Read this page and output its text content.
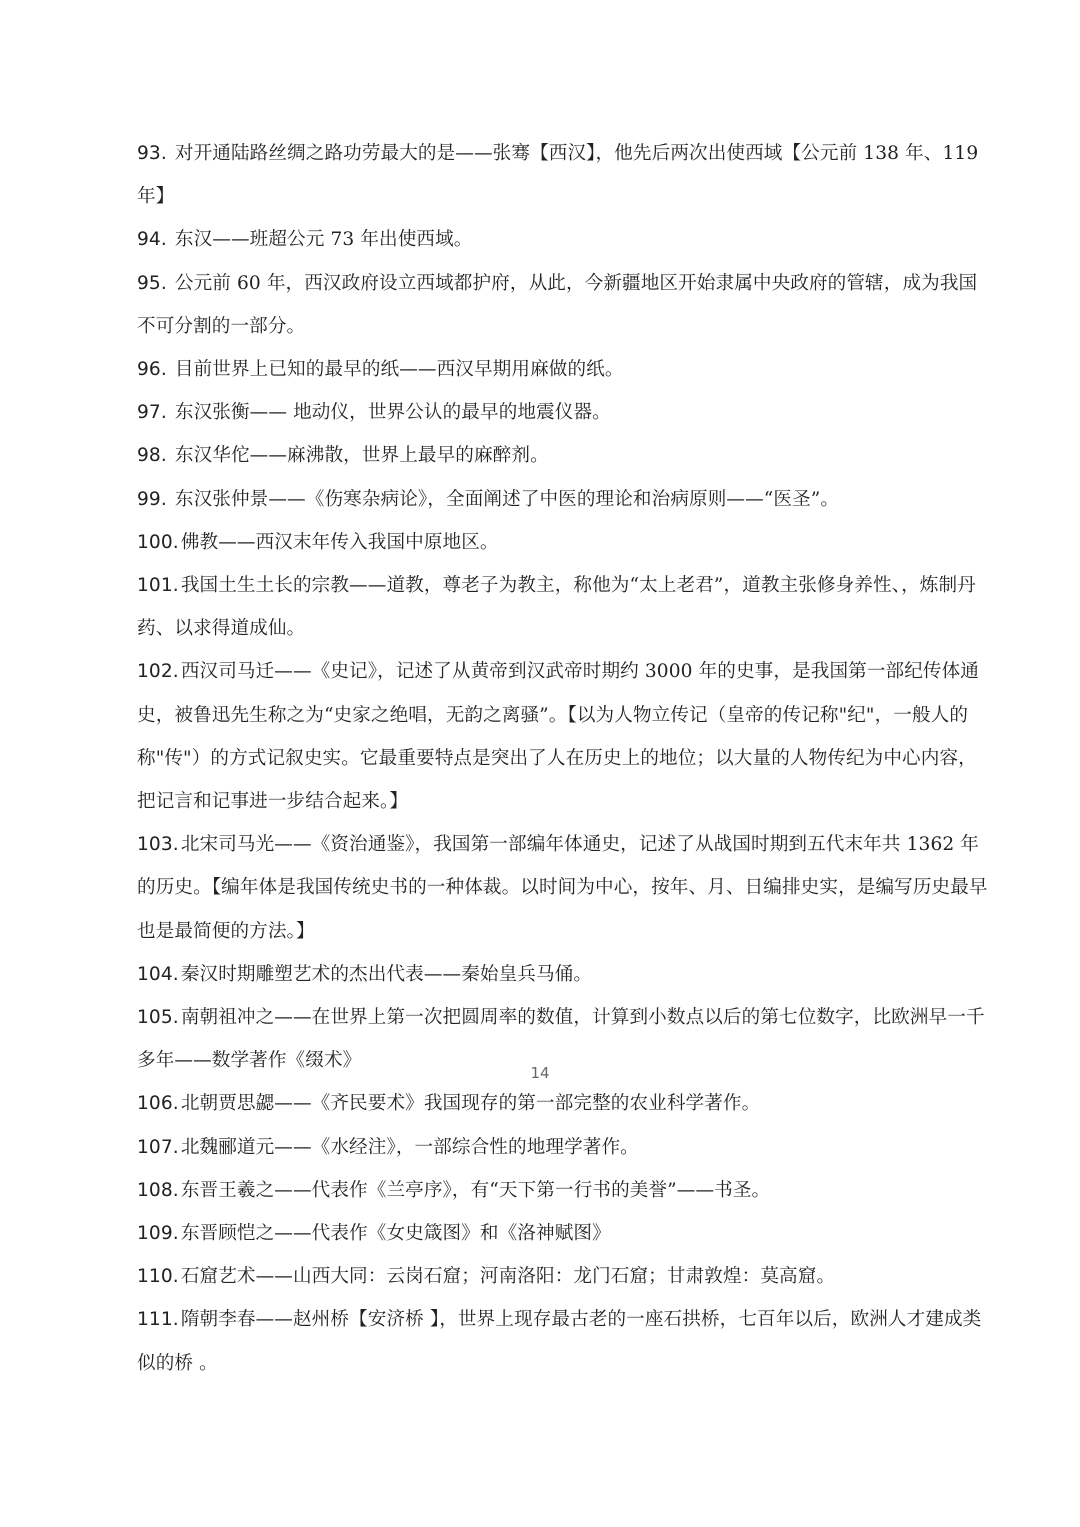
93. 对开通陆路丝绸之路功劳最大的是——张骞【西汉】，他先后两次出使西域【公元前 138 年、119 年】
94. 东汉——班超公元 73 年出使西域。
95. 公元前 60 年，西汉政府设立西域都护府，从此，今新疆地区开始隶属中央政府的管辖，成为我国不可分割的一部分。
96. 目前世界上已知的最早的纸——西汉早期用麻做的纸。
97. 东汉张衡—— 地动仪，世界公认的最早的地震仪器。
98. 东汉华佗——麻沸散，世界上最早的麻醉剂。
99. 东汉张仲景——《伤寒杂病论》，全面阐述了中医的理论和治病原则——“医圣”。
100. 佛教——西汉末年传入我国中原地区。
101. 我国土生土长的宗教——道教，尊老子为教主，称他为“太上老君”，道教主张修身养性、，炼制丹药、以求得道成仙。
102. 西汉司马迁——《史记》，记述了从黄帝到汉武帝时期约 3000 年的史事，是我国第一部纪传体通史，被鲁迅先生称之为“史家之绝唱，无韵之离骚”。【以为人物立传记（皇帝的传记称"纪"，一般人的称"传"）的方式记叙史实。它最重要特点是突出了人在历史上的地位；以大量的人物传纪为中心内容，把记言和记事进一步结合起来。】
103. 北宋司马光——《资治通鉴》，我国第一部编年体通史，记述了从战国时期到五代末年共 1362 年的历史。【编年体是我国传统史书的一种体裁。以时间为中心，按年、月、日编排史实，是编写历史最早也是最简便的方法。】
104. 秦汉时期雕塑艺术的杰出代表——秦始皇兵马俑。
105. 南朝祖冲之——在世界上第一次把圆周率的数值，计算到小数点以后的第七位数字，比欧洲早一千多年——数学著作《缀术》
106. 北朝贾思勰——《齐民要术》我国现存的第一部完整的农业科学著作。
107. 北魏郦道元——《水经注》，一部综合性的地理学著作。
108. 东晋王羲之——代表作《兰亭序》，有“天下第一行书的美誉”——书圣。
109. 东晋顾恺之——代表作《女史箴图》和《洛神赋图》
110. 石窟艺术——山西大同：云岗石窟；河南洛阳：龙门石窟；甘肃敦煌：莫高窟。
111. 隋朝李春——赵州桥【安济桥 】，世界上现存最古老的一座石拱桥，七百年以后，欧洲人才建成类似的桥 。
14
